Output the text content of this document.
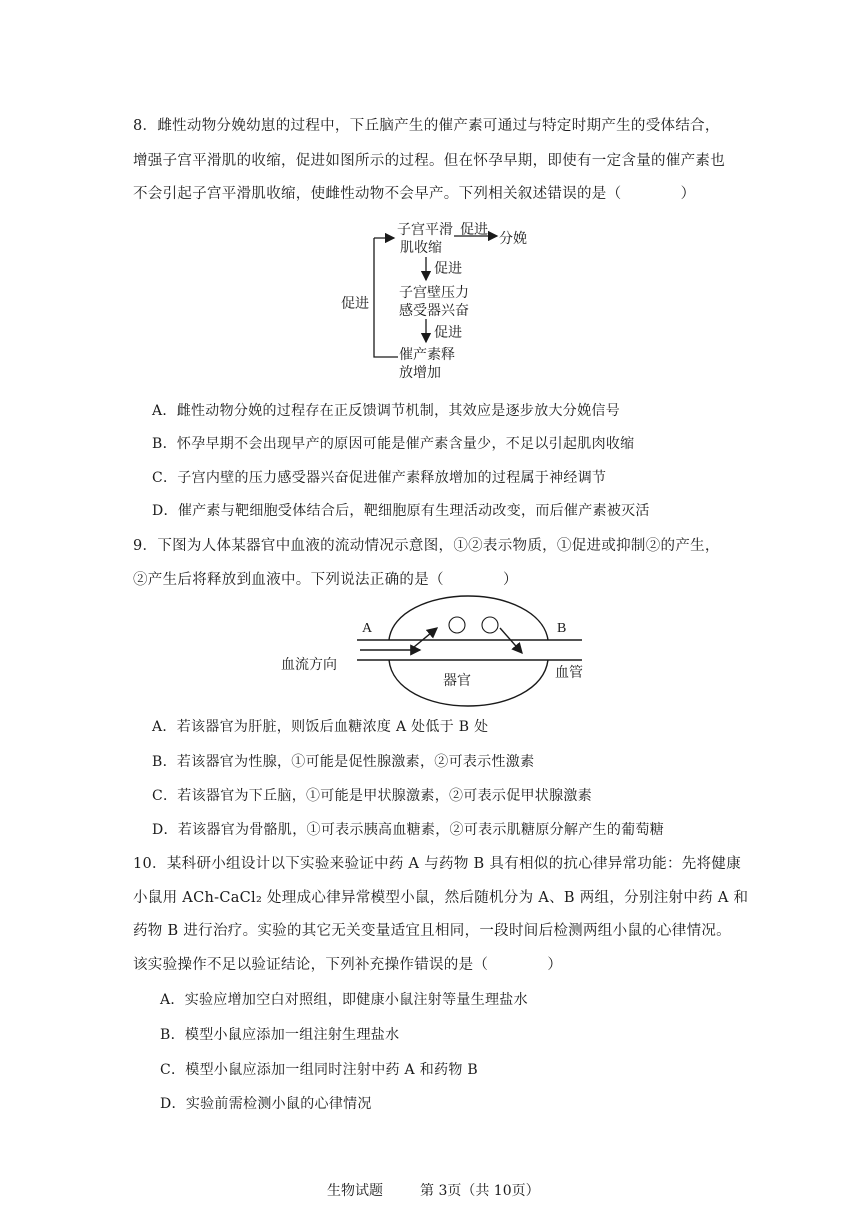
8．雌性动物分娩幼崽的过程中，下丘脑产生的催产素可通过与特定时期产生的受体结合，
增强子宫平滑肌的收缩，促进如图所示的过程。但在怀孕早期，即使有一定含量的催产素也
不会引起子宫平滑肌收缩，使雌性动物不会早产。下列相关叙述错误的是（　　　　）
子宫平滑
肌收缩
促进
分娩
促进
子宫壁压力
感受器兴奋
促进
催产素释
放增加
促进
A．雌性动物分娩的过程存在正反馈调节机制，其效应是逐步放大分娩信号
B．怀孕早期不会出现早产的原因可能是催产素含量少，不足以引起肌肉收缩
C．子宫内壁的压力感受器兴奋促进催产素释放增加的过程属于神经调节
D．催产素与靶细胞受体结合后，靶细胞原有生理活动改变，而后催产素被灭活
9．下图为人体某器官中血液的流动情况示意图，①②表示物质，①促进或抑制②的产生，
②产生后将释放到血液中。下列说法正确的是（　　　　）
A	B
血流方向
器官	血管
A．若该器官为肝脏，则饭后血糖浓度 A 处低于 B 处
B．若该器官为性腺，①可能是促性腺激素，②可表示性激素
C．若该器官为下丘脑，①可能是甲状腺激素，②可表示促甲状腺激素
D．若该器官为骨骼肌，①可表示胰高血糖素，②可表示肌糖原分解产生的葡萄糖
10．某科研小组设计以下实验来验证中药 A 与药物 B 具有相似的抗心律异常功能：先将健康
小鼠用 ACh-CaCl₂ 处理成心律异常模型小鼠，然后随机分为 A、B 两组，分别注射中药 A 和
药物 B 进行治疗。实验的其它无关变量适宜且相同，一段时间后检测两组小鼠的心律情况。
该实验操作不足以验证结论，下列补充操作错误的是（　　　　）
A．实验应增加空白对照组，即健康小鼠注射等量生理盐水
B．模型小鼠应添加一组注射生理盐水
C．模型小鼠应添加一组同时注射中药 A 和药物 B
D．实验前需检测小鼠的心律情况
生物试题	第 3页（共 10页）
